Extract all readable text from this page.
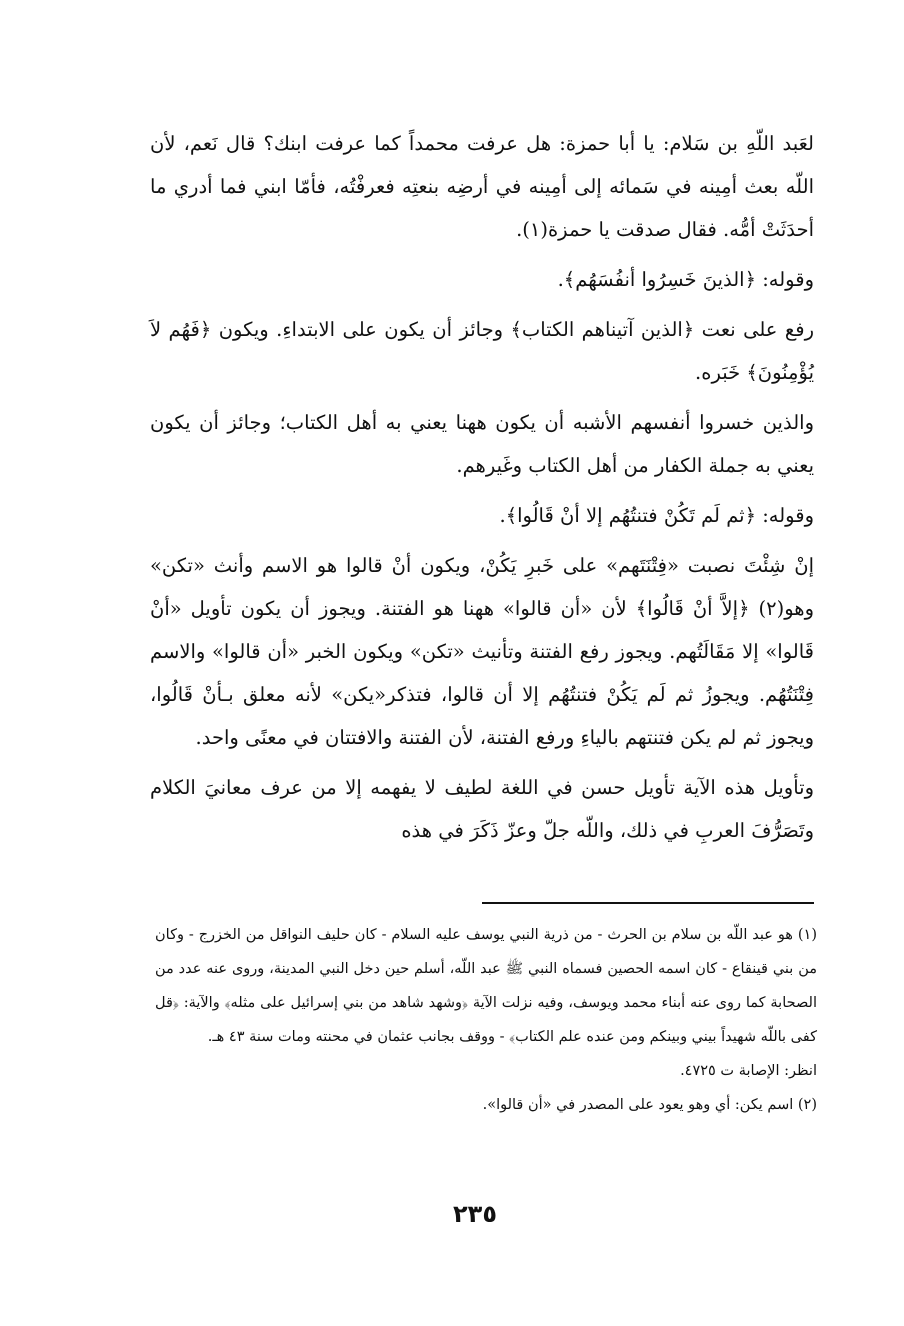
لعَبد اللّهِ بن سَلام: يا أبا حمزة: هل عرفت محمداً كما عرفت ابنك؟ قال نَعم، لأن اللّه بعث أمِينه في سَمائه إلى أمِينه في أرضِه بنعتِه فعرفْتُه، فأمّا ابني فما أدري ما أحدَثَتْ أمُّه. فقال صدقت يا حمزة(١).

وقوله: ﴿الذينَ خَسِرُوا أنفُسَهُم﴾.

رفع على نعت ﴿الذين آتيناهم الكتاب﴾ وجائز أن يكون على الابتداءِ. ويكون ﴿فَهُم لاَ يُؤْمِنُونَ﴾ خَبَره.

والذين خسروا أنفسهم الأشبه أن يكون ههنا يعني به أهل الكتاب؛ وجائز أن يكون يعني به جملة الكفار من أهل الكتاب وغَيرهم.

وقوله: ﴿ثم لَم تَكُنْ فتنتُهُم إلا أنْ قَالُوا﴾.

إنْ شِئْتَ نصبت «فِتْنَتَهم» على خَبرِ يَكُنْ، ويكون أنْ قالوا هو الاسم وأنث «تكن» وهو(٢) ﴿إلاَّ أنْ قَالُوا﴾ لأن «أن قالوا» ههنا هو الفتنة. ويجوز أن يكون تأويل «أنْ قَالوا» إلا مَقَالَتُهم. ويجوز رفع الفتنة وتأنيث «تكن» ويكون الخبر «أن قالوا» والاسم فِتْنَتُهُم. ويجوزُ ثم لَم يَكُنْ فتنتُهُم إلا أن قالوا، فتذكر«يكن» لأنه معلق بـأنْ قَالُوا، ويجوز ثم لم يكن فتنتهم بالياءِ ورفع الفتنة، لأن الفتنة والافتتان في معنًى واحد.

وتأويل هذه الآية تأويل حسن في اللغة لطيف لا يفهمه إلا من عرف معانيَ الكلام وتَصَرُّفَ العربِ في ذلك، واللّه جلّ وعزّ ذَكَرَ في هذه

(١) هو عبد اللّه بن سلام بن الحرث - من ذرية النبي يوسف عليه السلام - كان حليف النواقل من الخزرج - وكان من بني قينقاع - كان اسمه الحصين فسماه النبي ﷺ عبد اللّه، أسلم حين دخل النبي المدينة، وروى عنه عدد من الصحابة كما روى عنه أبناء محمد ويوسف، وفيه نزلت الآية ﴿وشهد شاهد من بني إسرائيل على مثله﴾ والآية: ﴿قل كفى باللّه شهيداً بيني وبينكم ومن عنده علم الكتاب﴾ - ووقف بجانب عثمان في محنته ومات سنة ٤٣ هـ.

انظر: الإصابة ت ٤٧٢٥.

(٢) اسم يكن: أي وهو يعود على المصدر في «أن قالوا».

٢٣٥
